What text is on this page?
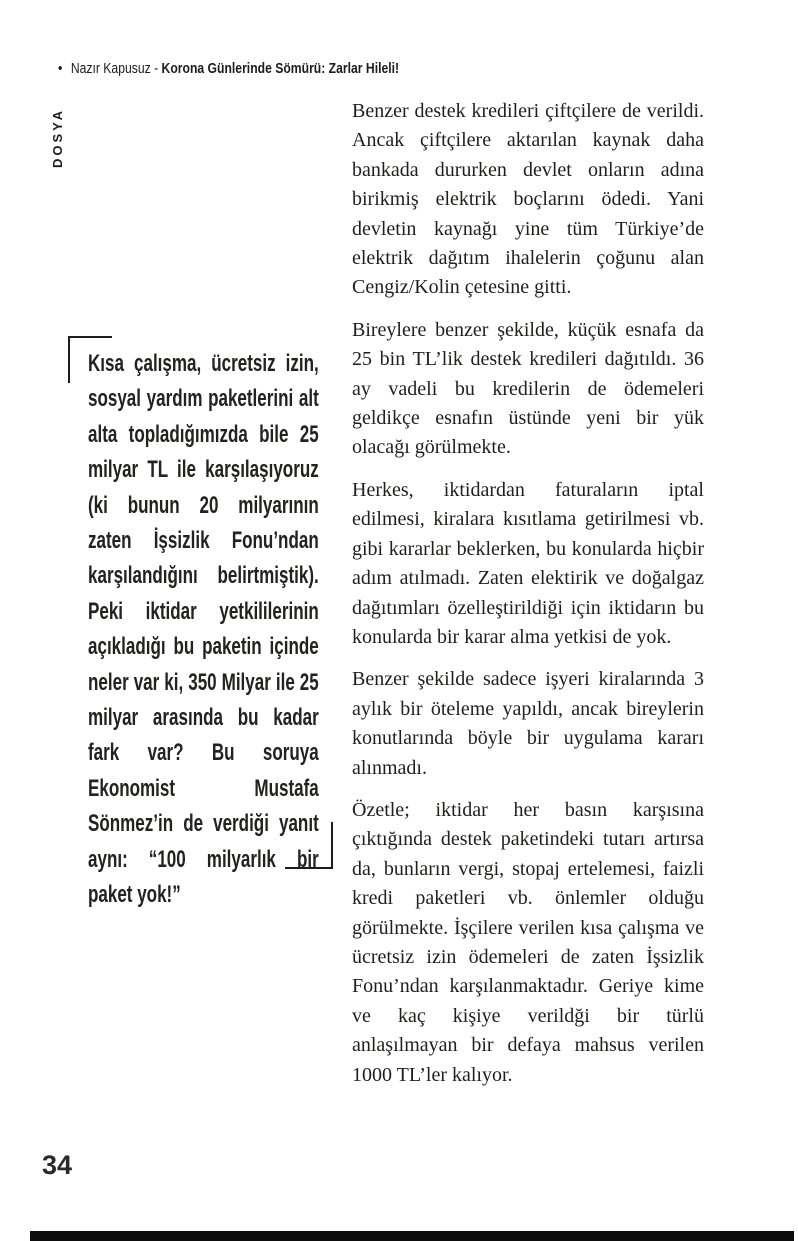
• Nazır Kapusuz - Korona Günlerinde Sömürü: Zarlar Hileli!
DOSYA
Kısa çalışma, ücretsiz izin, sosyal yardım paketlerini alt alta topladığımızda bile 25 milyar TL ile karşılaşıyoruz (ki bunun 20 milyarının zaten İşsizlik Fonu’ndan karşılandığını belirtmiştik). Peki iktidar yetkililerinin açıkladığı bu paketin içinde neler var ki, 350 Milyar ile 25 milyar arasında bu kadar fark var? Bu soruya Ekonomist Mustafa Sönmez’in de verdiği yanıt aynı: “100 milyarlık bir paket yok!”

Benzer destek kredileri çiftçilere de verildi. Ancak çiftçilere aktarılan kaynak daha bankada dururken devlet onların adına birikmiş elektrik boçlarını ödedi. Yani devletin kaynağı yine tüm Türkiye’de elektrik dağıtım ihalelerin çoğunu alan Cengiz/Kolin çetesine gitti.

Bireylere benzer şekilde, küçük esnafa da 25 bin TL’lik destek kredileri dağıtıldı. 36 ay vadeli bu kredilerin de ödemeleri geldikçe esnafın üstünde yeni bir yük olacağı görülmekte.

Herkes, iktidardan faturaların iptal edilmesi, kiralara kısıtlama getirilmesi vb. gibi kararlar beklerken, bu konularda hiçbir adım atılmadı. Zaten elektirik ve doğalgaz dağıtımları özelleştirildiği için iktidarın bu konularda bir karar alma yetkisi de yok.

Benzer şekilde sadece işyeri kiralarında 3 aylık bir öteleme yapıldı, ancak bireylerin konutlarında böyle bir uygulama kararı alınmadı.

Özetle; iktidar her basın karşısına çıktığında destek paketindeki tutarı artırsa da, bunların vergi, stopaj ertelemesi, faizli kredi paketleri vb. önlemler olduğu görülmekte. İşçilere verilen kısa çalışma ve ücretsiz izin ödemeleri de zaten İşsizlik Fonu’ndan karşılanmaktadır. Geriye kime ve kaç kişiye verildği bir türlü anlaşılmayan bir defaya mahsus verilen 1000 TL’ler kalıyor.

34
